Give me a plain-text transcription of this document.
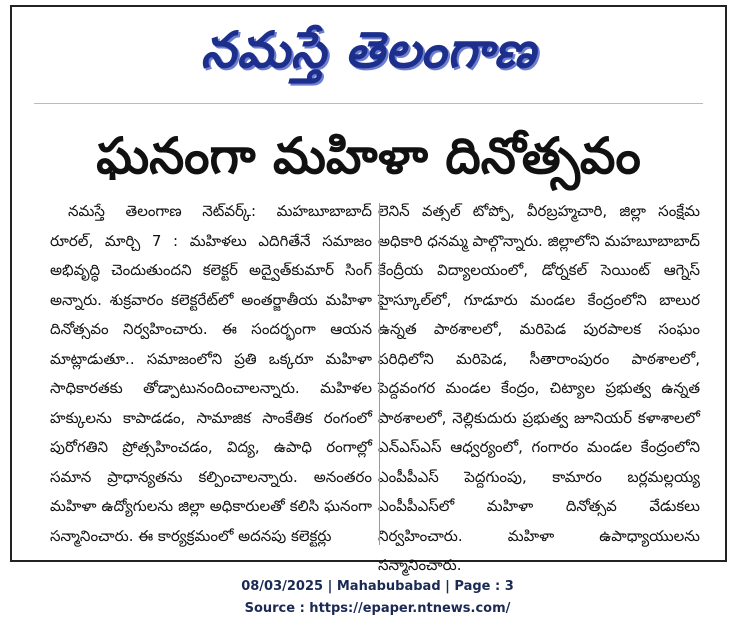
నమస్తే తెలంగాణ
ఘనంగా మహిళా దినోత్సవం

నమస్తే తెలంగాణ నెట్‌వర్క్‌: మహబూబాబాద్‌ రూరల్‌, మార్చి 7 : మహిళలు ఎదిగితేనే సమాజం అభివృద్ధి చెందుతుందని కలెక్టర్‌ అద్వైత్‌కుమార్‌ సింగ్‌ అన్నారు. శుక్రవారం కలెక్టరేట్‌లో అంతర్జాతీయ మహిళా దినోత్సవం నిర్వహించారు. ఈ సందర్భంగా ఆయన మాట్లాడుతూ.. సమాజంలోని ప్రతి ఒక్కరూ మహిళా సాధికారతకు తోడ్పాటునందించాలన్నారు. మహిళల హక్కులను కాపాడడం, సామాజిక సాంకేతిక రంగంలో పురోగతిని ప్రోత్సహించడం, విద్య, ఉపాధి రంగాల్లో సమాన ప్రాధాన్యతను కల్పించాలన్నారు. అనంతరం మహిళా ఉద్యోగులను జిల్లా అధికారులతో కలిసి ఘనంగా సన్మానించారు. ఈ కార్యక్రమంలో అదనపు కలెక్టర్లు

లెనిన్‌ వత్సల్‌ టోప్పో, వీరబ్రహ్మచారి, జిల్లా సంక్షేమ అధికారి ధనమ్మ పాల్గొన్నారు. జిల్లాలోని మహబూబాబాద్‌ కేంద్రీయ విద్యాలయంలో, డోర్నకల్‌ సెయింట్‌ ఆగ్నెస్‌ హైస్కూల్‌లో, గూడూరు మండల కేంద్రంలోని బాలుర ఉన్నత పాఠశాలలో, మరిపెడ పురపాలక సంఘం పరిధిలోని మరిపెడ, సీతారాంపురం పాఠశాలలో, పెద్దవంగర మండల కేంద్రం, చిట్యాల ప్రభుత్వ ఉన్నత పాఠశాలలో, నెల్లికుదురు ప్రభుత్వ జూనియర్‌ కళాశాలలో ఎన్‌ఎస్‌ఎస్‌ ఆధ్వర్యంలో, గంగారం మండల కేంద్రంలోని ఎంపీపీఎస్‌ పెద్దగుంపు, కామారం బర్లమల్లయ్య ఎంపీపీఎస్‌లో మహిళా దినోత్సవ వేడుకలు నిర్వహించారు. మహిళా ఉపాధ్యాయులను సన్మానించారు.

08/03/2025 | Mahabubabad | Page : 3
Source : https://epaper.ntnews.com/
